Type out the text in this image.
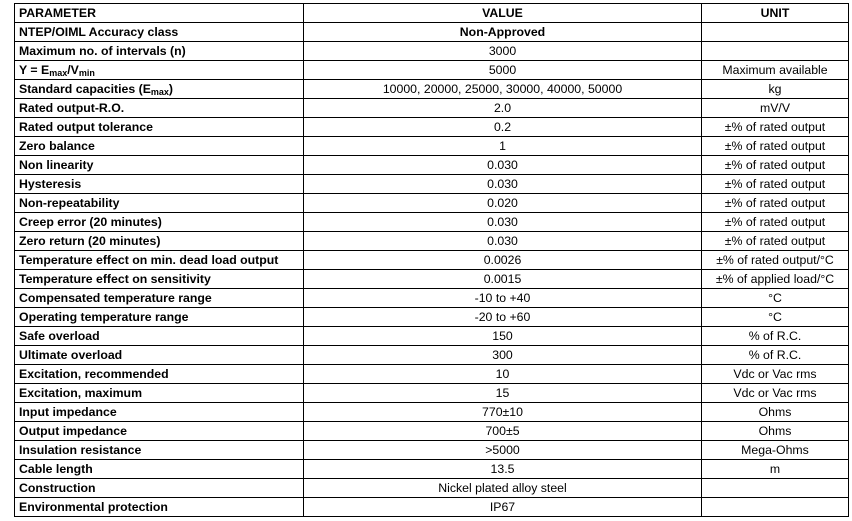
PARAMETER	VALUE	UNIT
NTEP/OIML Accuracy class	Non-Approved	
Maximum no. of intervals (n)	3000	
$Y = E_{max}/V_{min}$	5000	Maximum available
Standard capacities $(E_{max})$	10000, 20000, 25000, 30000, 40000, 50000	kg
Rated output-R.O.	2.0	mV/V
Rated output tolerance	0.2	±% of rated output
Zero balance	1	±% of rated output
Non linearity	0.030	±% of rated output
Hysteresis	0.030	±% of rated output
Non-repeatability	0.020	±% of rated output
Creep error (20 minutes)	0.030	±% of rated output
Zero return (20 minutes)	0.030	±% of rated output
Temperature effect on min. dead load output	0.0026	±% of rated output/°C
Temperature effect on sensitivity	0.0015	±% of applied load/°C
Compensated temperature range	-10 to +40	°C
Operating temperature range	-20 to +60	°C
Safe overload	150	% of R.C.
Ultimate overload	300	% of R.C.
Excitation, recommended	10	Vdc or Vac rms
Excitation, maximum	15	Vdc or Vac rms
Input impedance	770±10	Ohms
Output impedance	700±5	Ohms
Insulation resistance	>5000	Mega-Ohms
Cable length	13.5	m
Construction	Nickel plated alloy steel	
Environmental protection	IP67	
